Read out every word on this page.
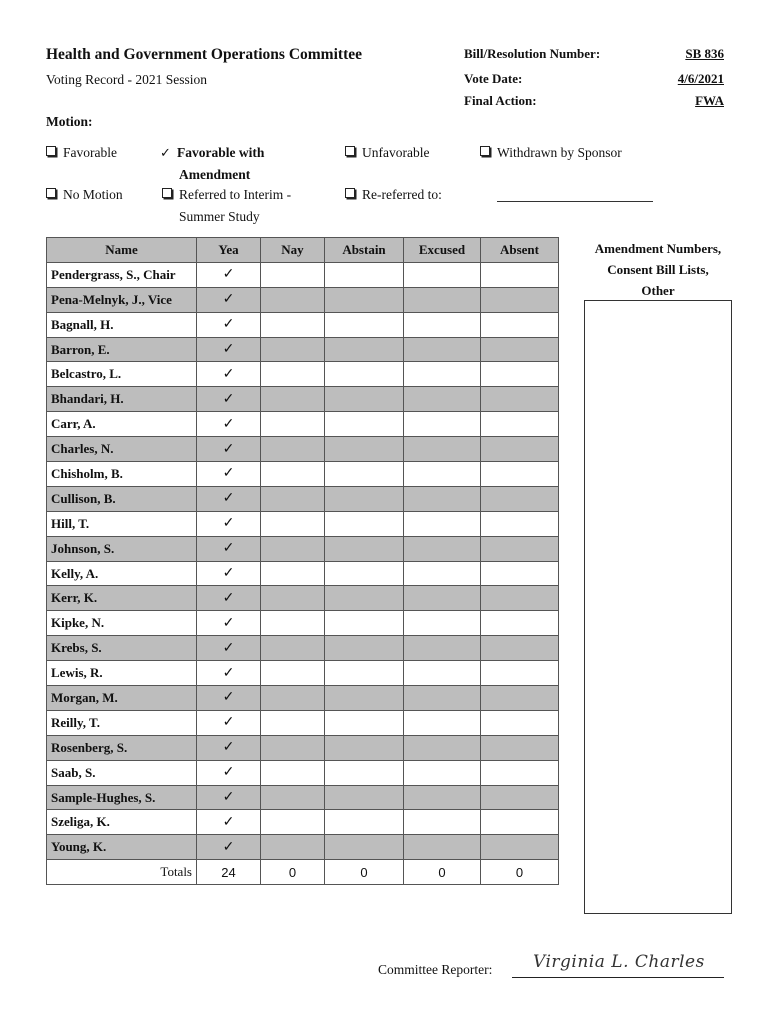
Health and Government Operations Committee
Voting Record - 2021 Session
Bill/Resolution Number:	SB 836
Vote Date:	4/6/2021
Final Action:	FWA
Motion:
Favorable	✓ Favorable with
Amendment
Unfavorable	Withdrawn by Sponsor
No Motion	Referred to Interim -
Summer Study
Re-referred to:
Name	Yea	Nay	Abstain	Excused	Absent
Pendergrass, S., Chair	✓				
Pena-Melnyk, J., Vice	✓				
Bagnall, H.	✓				
Barron, E.	✓				
Belcastro, L.	✓				
Bhandari, H.	✓				
Carr, A.	✓				
Charles, N.	✓				
Chisholm, B.	✓				
Cullison, B.	✓				
Hill, T.	✓				
Johnson, S.	✓				
Kelly, A.	✓				
Kerr, K.	✓				
Kipke, N.	✓				
Krebs, S.	✓				
Lewis, R.	✓				
Morgan, M.	✓				
Reilly, T.	✓				
Rosenberg, S.	✓				
Saab, S.	✓				
Sample-Hughes, S.	✓				
Szeliga, K.	✓				
Young, K.	✓				
Totals	24	0	0	0	0
Amendment Numbers,
Consent Bill Lists,
Other
Committee Reporter: Virginia L. Charles
